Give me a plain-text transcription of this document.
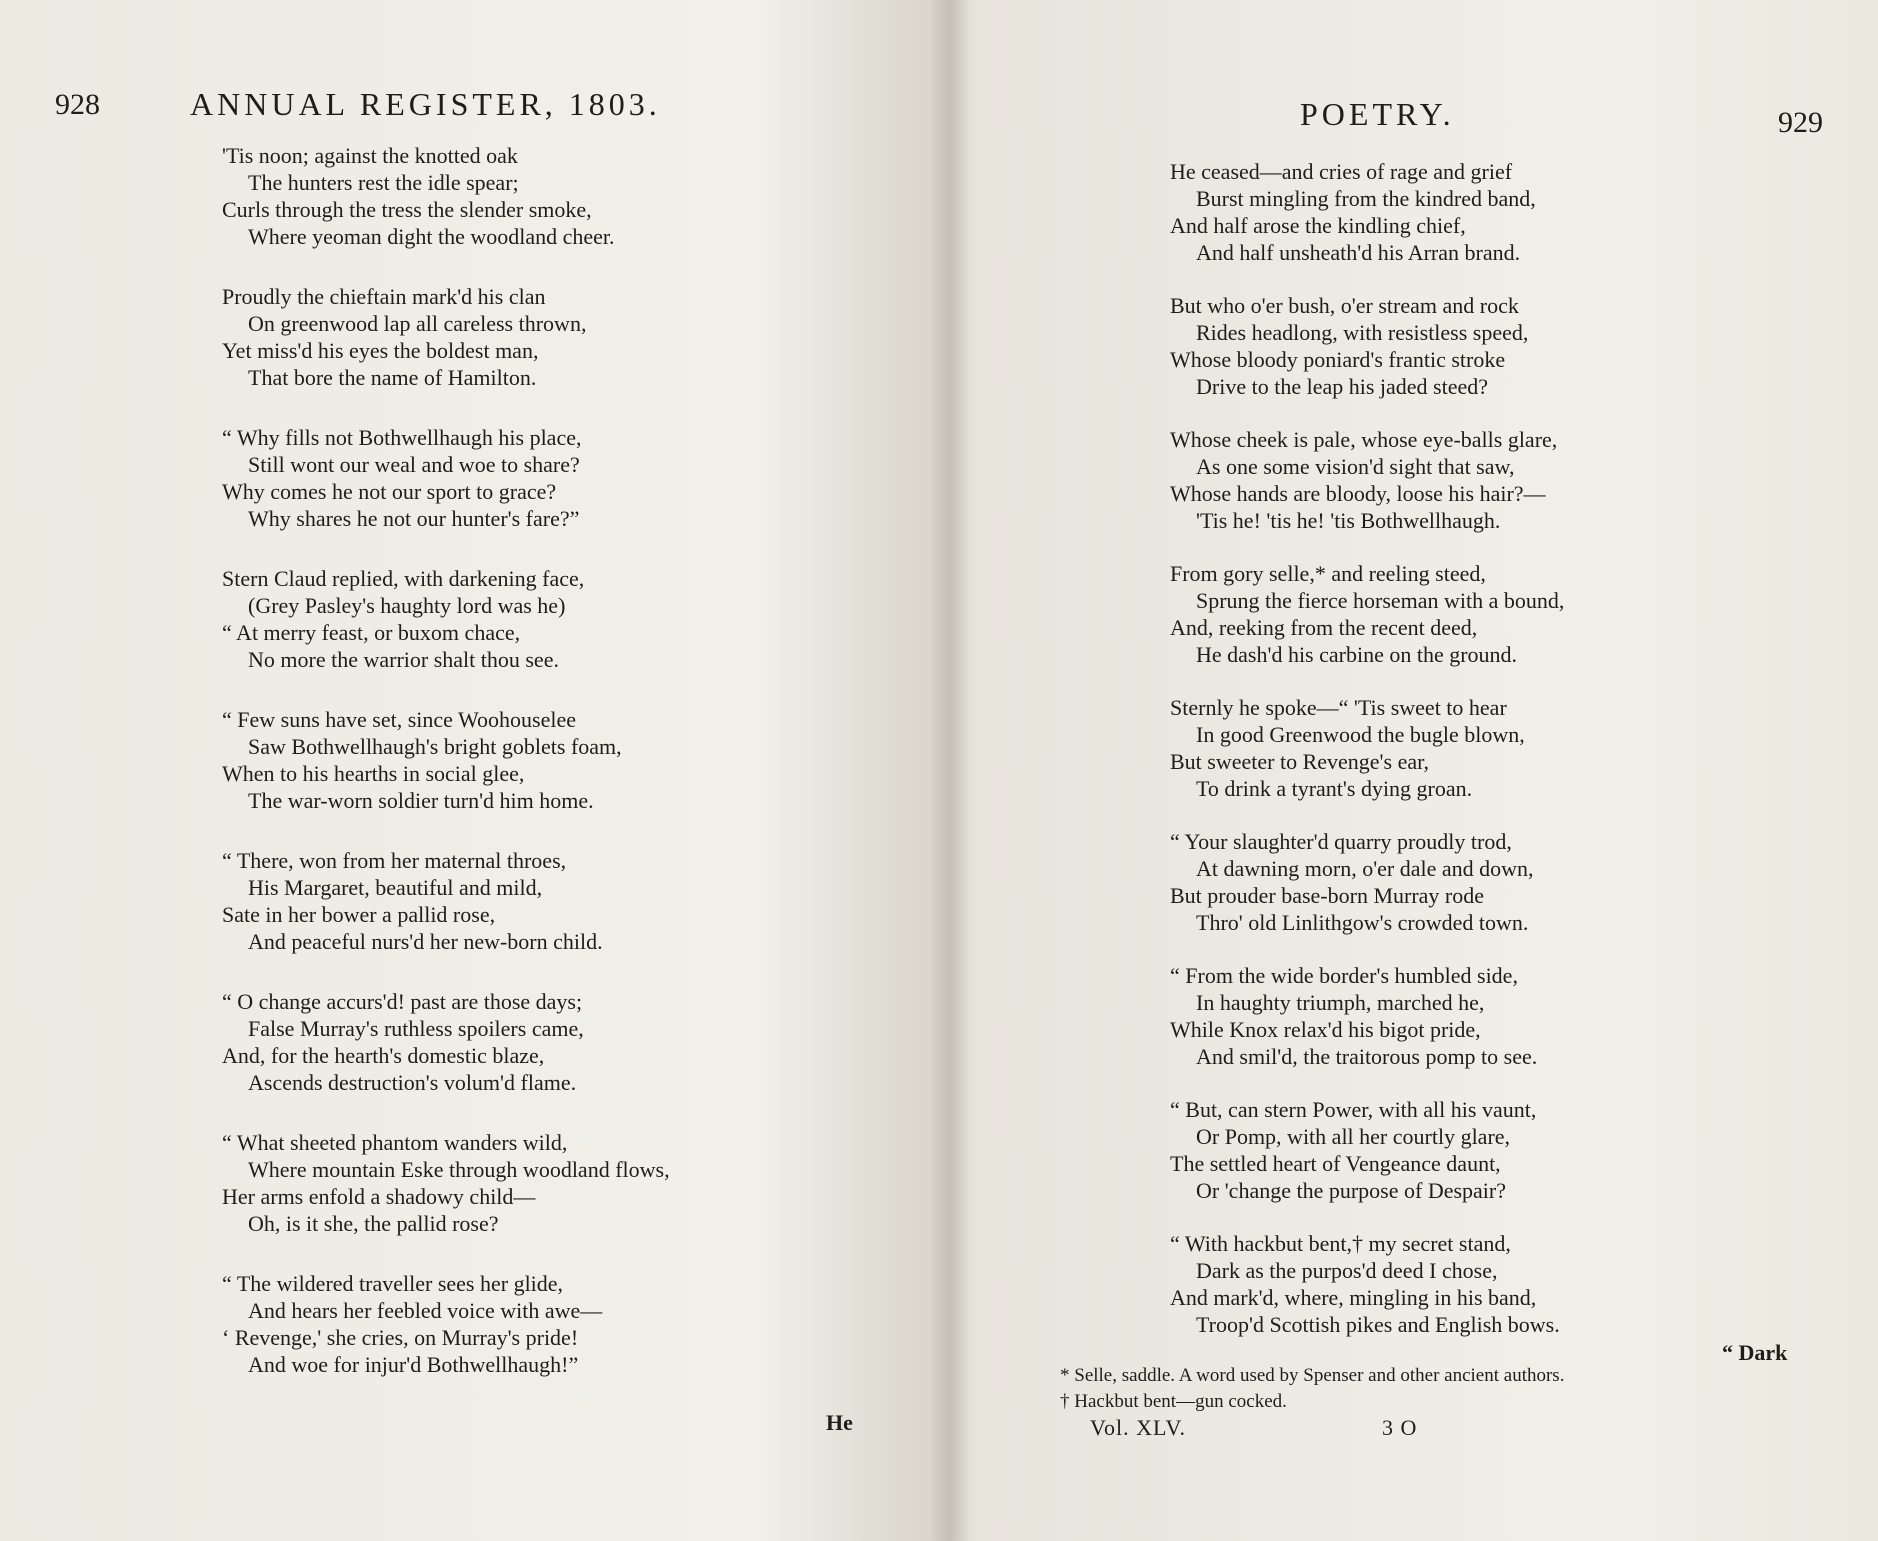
928	ANNUAL REGISTER, 1803.
'Tis noon; against the knotted oak
The hunters rest the idle spear;
Curls through the tress the slender smoke,
Where yeoman dight the woodland cheer.
Proudly the chieftain mark'd his clan
On greenwood lap all careless thrown,
Yet miss'd his eyes the boldest man,
That bore the name of Hamilton.
“ Why fills not Bothwellhaugh his place,
Still wont our weal and woe to share?
Why comes he not our sport to grace?
Why shares he not our hunter's fare?”
Stern Claud replied, with darkening face,
(Grey Pasley's haughty lord was he)
“ At merry feast, or buxom chace,
No more the warrior shalt thou see.
“ Few suns have set, since Woohouselee
Saw Bothwellhaugh's bright goblets foam,
When to his hearths in social glee,
The war-worn soldier turn'd him home.
“ There, won from her maternal throes,
His Margaret, beautiful and mild,
Sate in her bower a pallid rose,
And peaceful nurs'd her new-born child.
“ O change accurs'd! past are those days;
False Murray's ruthless spoilers came,
And, for the hearth's domestic blaze,
Ascends destruction's volum'd flame.
“ What sheeted phantom wanders wild,
Where mountain Eske through woodland flows,
Her arms enfold a shadowy child—
Oh, is it she, the pallid rose?
“ The wildered traveller sees her glide,
And hears her feebled voice with awe—
‘ Revenge,' she cries, on Murray's pride!
And woe for injur'd Bothwellhaugh!”
He
POETRY.	929
He ceased—and cries of rage and grief
Burst mingling from the kindred band,
And half arose the kindling chief,
And half unsheath'd his Arran brand.
But who o'er bush, o'er stream and rock
Rides headlong, with resistless speed,
Whose bloody poniard's frantic stroke
Drive to the leap his jaded steed?
Whose cheek is pale, whose eye-balls glare,
As one some vision'd sight that saw,
Whose hands are bloody, loose his hair?—
'Tis he! 'tis he! 'tis Bothwellhaugh.
From gory selle,* and reeling steed,
Sprung the fierce horseman with a bound,
And, reeking from the recent deed,
He dash'd his carbine on the ground.
Sternly he spoke—“ 'Tis sweet to hear
In good Greenwood the bugle blown,
But sweeter to Revenge's ear,
To drink a tyrant's dying groan.
“ Your slaughter'd quarry proudly trod,
At dawning morn, o'er dale and down,
But prouder base-born Murray rode
Thro' old Linlithgow's crowded town.
“ From the wide border's humbled side,
In haughty triumph, marched he,
While Knox relax'd his bigot pride,
And smil'd, the traitorous pomp to see.
“ But, can stern Power, with all his vaunt,
Or Pomp, with all her courtly glare,
The settled heart of Vengeance daunt,
Or 'change the purpose of Despair?
“ With hackbut bent,† my secret stand,
Dark as the purpos'd deed I chose,
And mark'd, where, mingling in his band,
Troop'd Scottish pikes and English bows.
“ Dark
* Selle, saddle. A word used by Spenser and other ancient authors.
† Hackbut bent—gun cocked.
Vol. XLV.	3 O
